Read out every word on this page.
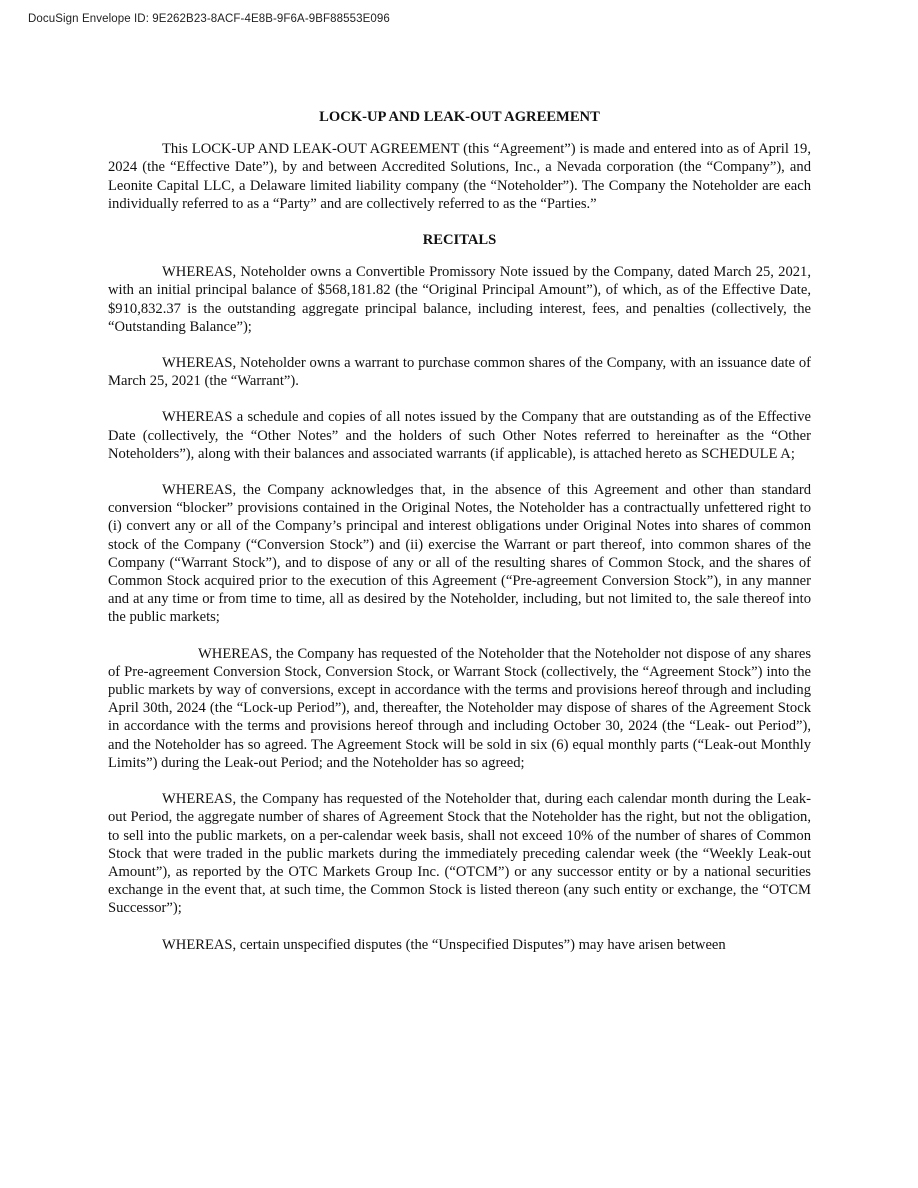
DocuSign Envelope ID: 9E262B23-8ACF-4E8B-9F6A-9BF88553E096
LOCK-UP AND LEAK-OUT AGREEMENT
This LOCK-UP AND LEAK-OUT AGREEMENT (this “Agreement”) is made and entered into as of April 19, 2024 (the “Effective Date”), by and between Accredited Solutions, Inc., a Nevada corporation (the “Company”), and Leonite Capital LLC, a Delaware limited liability company (the “Noteholder”). The Company the Noteholder are each individually referred to as a “Party” and are collectively referred to as the “Parties.”
RECITALS
WHEREAS, Noteholder owns a Convertible Promissory Note issued by the Company, dated March 25, 2021, with an initial principal balance of $568,181.82 (the “Original Principal Amount”), of which, as of the Effective Date, $910,832.37 is the outstanding aggregate principal balance, including interest, fees, and penalties (collectively, the “Outstanding Balance”);
WHEREAS, Noteholder owns a warrant to purchase common shares of the Company, with an issuance date of March 25, 2021 (the “Warrant”).
WHEREAS a schedule and copies of all notes issued by the Company that are outstanding as of the Effective Date (collectively, the “Other Notes” and the holders of such Other Notes referred to hereinafter as the “Other Noteholders”), along with their balances and associated warrants (if applicable), is attached hereto as SCHEDULE A;
WHEREAS, the Company acknowledges that, in the absence of this Agreement and other than standard conversion “blocker” provisions contained in the Original Notes, the Noteholder has a contractually unfettered right to (i) convert any or all of the Company’s principal and interest obligations under Original Notes into shares of common stock of the Company (“Conversion Stock”) and (ii) exercise the Warrant or part thereof, into common shares of the Company (“Warrant Stock”), and to dispose of any or all of the resulting shares of Common Stock, and the shares of Common Stock acquired prior to the execution of this Agreement (“Pre-agreement Conversion Stock”), in any manner and at any time or from time to time, all as desired by the Noteholder, including, but not limited to, the sale thereof into the public markets;
WHEREAS, the Company has requested of the Noteholder that the Noteholder not dispose of any shares of Pre-agreement Conversion Stock, Conversion Stock, or Warrant Stock (collectively, the “Agreement Stock”) into the public markets by way of conversions, except in accordance with the terms and provisions hereof through and including April 30th, 2024 (the “Lock-up Period”), and, thereafter, the Noteholder may dispose of shares of the Agreement Stock in accordance with the terms and provisions hereof through and including October 30, 2024 (the “Leak- out Period”), and the Noteholder has so agreed. The Agreement Stock will be sold in six (6) equal monthly parts (“Leak-out Monthly Limits”) during the Leak-out Period; and the Noteholder has so agreed;
WHEREAS, the Company has requested of the Noteholder that, during each calendar month during the Leak-out Period, the aggregate number of shares of Agreement Stock that the Noteholder has the right, but not the obligation, to sell into the public markets, on a per-calendar week basis, shall not exceed 10% of the number of shares of Common Stock that were traded in the public markets during the immediately preceding calendar week (the “Weekly Leak-out Amount”), as reported by the OTC Markets Group Inc. (“OTCM”) or any successor entity or by a national securities exchange in the event that, at such time, the Common Stock is listed thereon (any such entity or exchange, the “OTCM Successor”);
WHEREAS, certain unspecified disputes (the “Unspecified Disputes”) may have arisen between
